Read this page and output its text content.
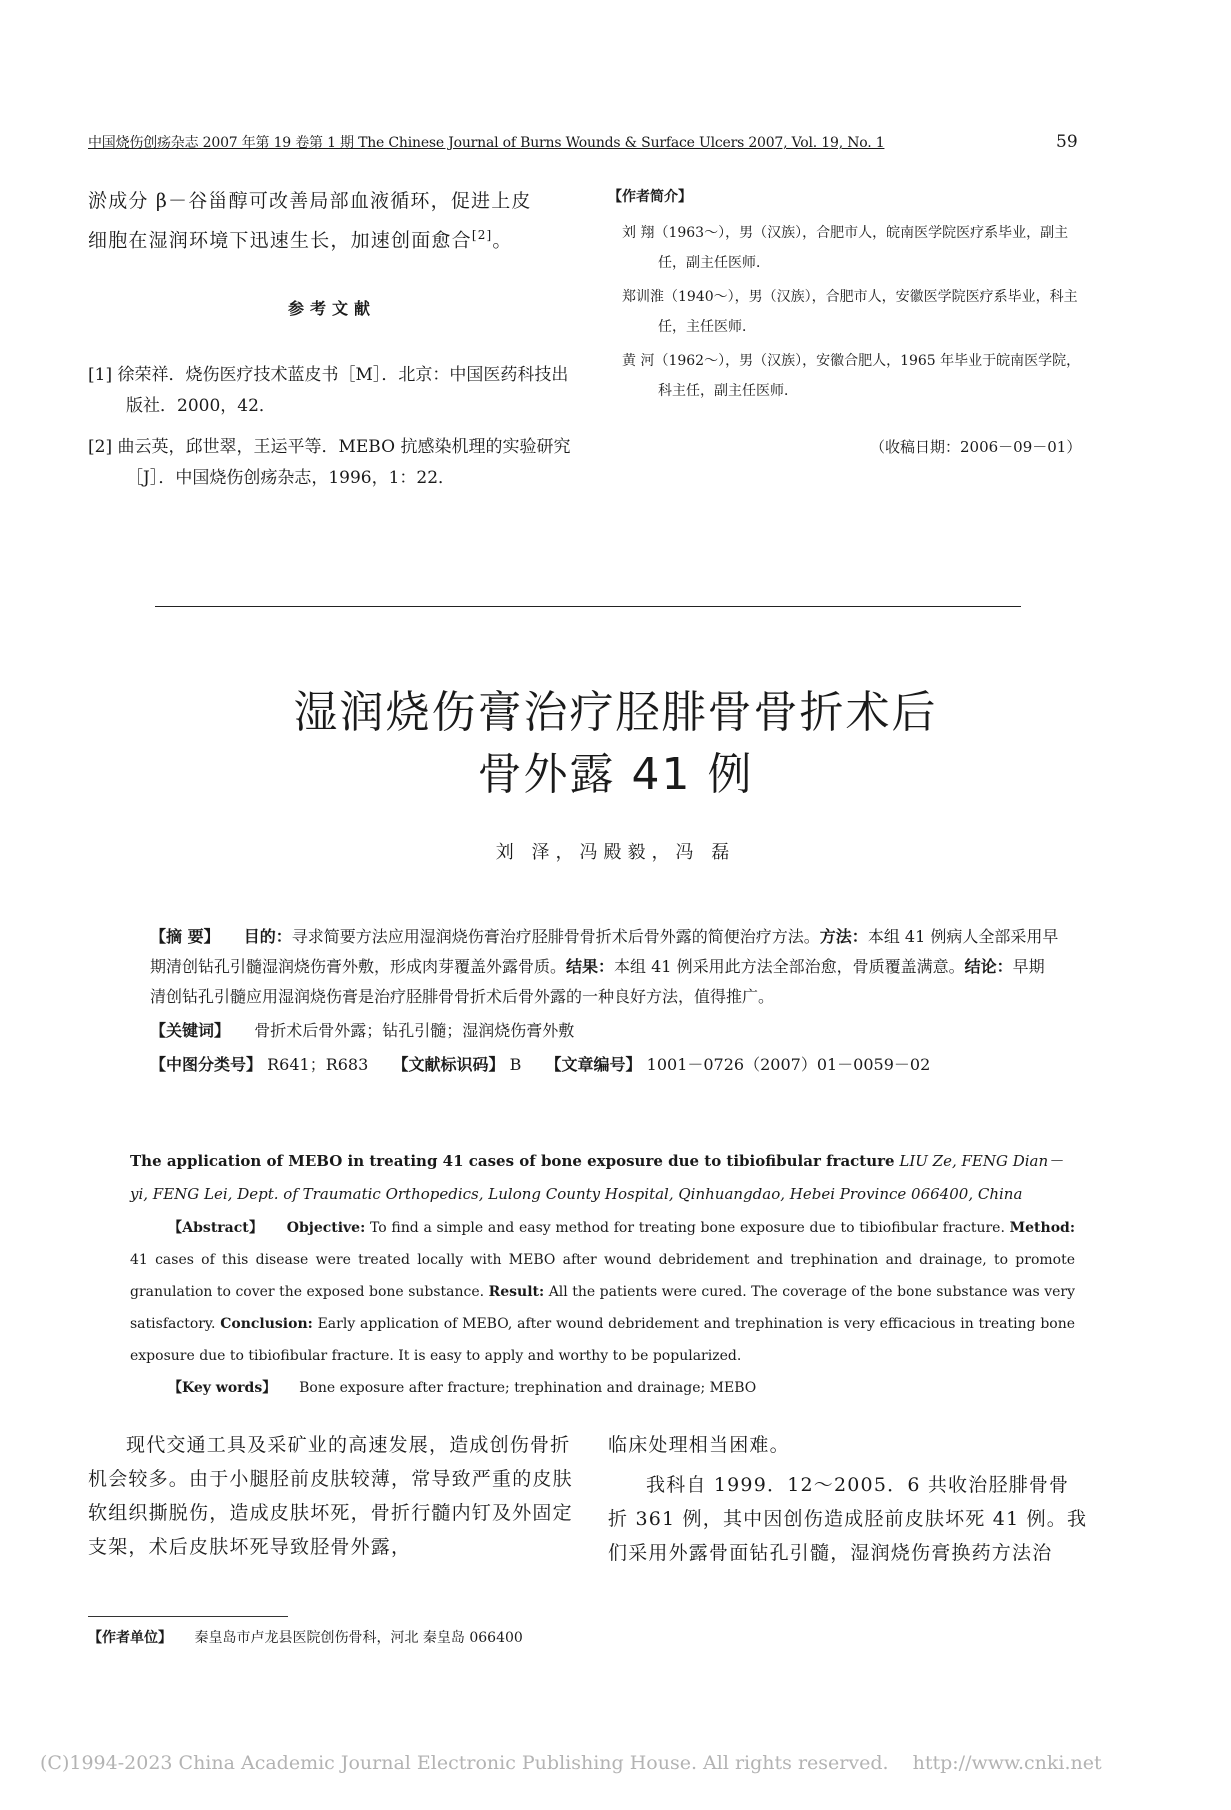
中国烧伤创疡杂志 2007 年第 19 卷第 1 期 The Chinese Journal of Burns Wounds & Surface Ulcers 2007, Vol. 19, No. 1	59

淤成分 β－谷甾醇可改善局部血液循环，促进上皮

细胞在湿润环境下迅速生长，加速创面愈合[2]。

参考文献

[1] 徐荣祥．烧伤医疗技术蓝皮书［M］．北京：中国医药科技出版社．2000，42．

[2] 曲云英，邱世翠，王运平等．MEBO 抗感染机理的实验研究［J］．中国烧伤创疡杂志，1996，1：22．

【作者简介】

刘 翔（1963～），男（汉族），合肥市人，皖南医学院医疗系毕业，副主任，副主任医师．

郑训淮（1940～），男（汉族），合肥市人，安徽医学院医疗系毕业，科主任，主任医师．

黄 河（1962～），男（汉族），安徽合肥人，1965 年毕业于皖南医学院，科主任，副主任医师．

（收稿日期：2006－09－01）
湿润烧伤膏治疗胫腓骨骨折术后
骨外露 41 例
刘 泽，冯殿毅，冯 磊

【摘 要】 目的：寻求简要方法应用湿润烧伤膏治疗胫腓骨骨折术后骨外露的简便治疗方法。方法：本组 41 例病人全部采用早期清创钻孔引髓湿润烧伤膏外敷，形成肉芽覆盖外露骨质。结果：本组 41 例采用此方法全部治愈，骨质覆盖满意。结论：早期清创钻孔引髓应用湿润烧伤膏是治疗胫腓骨骨折术后骨外露的一种良好方法，值得推广。

【关键词】 骨折术后骨外露；钻孔引髓；湿润烧伤膏外敷

【中图分类号】 R641；R683 【文献标识码】 B 【文章编号】 1001－0726（2007）01－0059－02

The application of MEBO in treating 41 cases of bone exposure due to tibiofibular fracture LIU Ze, FENG Dian－yi, FENG Lei, Dept. of Traumatic Orthopedics, Lulong County Hospital, Qinhuangdao, Hebei Province 066400, China

【Abstract】 Objective: To find a simple and easy method for treating bone exposure due to tibiofibular fracture. Method: 41 cases of this disease were treated locally with MEBO after wound debridement and trephination and drainage, to promote granulation to cover the exposed bone substance. Result: All the patients were cured. The coverage of the bone substance was very satisfactory. Conclusion: Early application of MEBO, after wound debridement and trephination is very efficacious in treating bone exposure due to tibiofibular fracture. It is easy to apply and worthy to be popularized.

【Key words】 Bone exposure after fracture; trephination and drainage; MEBO

现代交通工具及采矿业的高速发展，造成创伤骨折机会较多。由于小腿胫前皮肤较薄，常导致严重的皮肤软组织撕脱伤，造成皮肤坏死，骨折行髓内钉及外固定支架，术后皮肤坏死导致胫骨外露，

临床处理相当困难。

我科自 1999．12～2005．6 共收治胫腓骨骨折 361 例，其中因创伤造成胫前皮肤坏死 41 例。我们采用外露骨面钻孔引髓，湿润烧伤膏换药方法治

【作者单位】 秦皇岛市卢龙县医院创伤骨科，河北 秦皇岛 066400
(C)1994-2023 China Academic Journal Electronic Publishing House. All rights reserved. http://www.cnki.net
